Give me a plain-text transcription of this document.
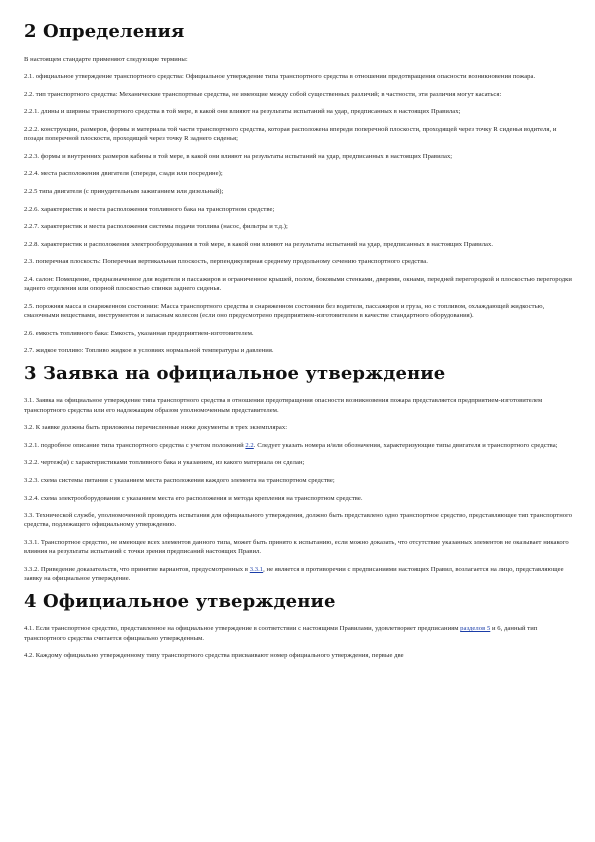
2 Определения
В настоящем стандарте применяют следующие термины:
2.1. официальное утверждение транспортного средства: Официальное утверждение типа транспортного средства в отношении предотвращения опасности возникновения пожара.
2.2. тип транспортного средства: Механические транспортные средства, не имеющие между собой существенных различий; в частности, эти различия могут касаться:
2.2.1. длины и ширины транспортного средства в той мере, в какой они влияют на результаты испытаний на удар, предписанных в настоящих Правилах;
2.2.2. конструкции, размеров, формы и материала той части транспортного средства, которая расположена впереди поперечной плоскости, проходящей через точку R сиденья водителя, и позади поперечной плоскости, проходящей через точку R заднего сиденья;
2.2.3. формы и внутренних размеров кабины в той мере, в какой они влияют на результаты испытаний на удар, предписанных в настоящих Правилах;
2.2.4. места расположения двигателя (спереди, сзади или посредине);
2.2.5 типа двигателя (с принудительным зажиганием или дизельный);
2.2.6. характеристик и места расположения топливного бака на транспортном средстве;
2.2.7. характеристик и места расположения системы подачи топлива (насос, фильтры и т.д.);
2.2.8. характеристик и расположения электрооборудования в той мере, в какой они влияют на результаты испытаний на удар, предписанных в настоящих Правилах.
2.3. поперечная плоскость: Поперечная вертикальная плоскость, перпендикулярная среднему продольному сечению транспортного средства.
2.4. салон: Помещение, предназначенное для водителя и пассажиров и ограниченное крышей, полом, боковыми стенками, дверями, окнами, передней перегородкой и плоскостью перегородки заднего отделения или опорной плоскостью спинки заднего сиденья.
2.5. порожняя масса в снаряженном состоянии: Масса транспортного средства в снаряженном состоянии без водителя, пассажиров и груза, но с топливом, охлаждающей жидкостью, смазочными веществами, инструментом и запасным колесом (если оно предусмотрено предприятием-изготовителем в качестве стандартного оборудования).
2.6. емкость топливного бака: Емкость, указанная предприятием-изготовителем.
2.7. жидкое топливо: Топливо жидкое в условиях нормальной температуры и давления.
3 Заявка на официальное утверждение
3.1. Заявка на официальное утверждение типа транспортного средства в отношении предотвращения опасности возникновения пожара представляется предприятием-изготовителем транспортного средства или его надлежащим образом уполномоченным представителем.
3.2. К заявке должны быть приложены перечисленные ниже документы в трех экземплярах:
3.2.1. подробное описание типа транспортного средства с учетом положений 2.2. Следует указать номера и/или обозначения, характеризующие типы двигателя и транспортного средства;
3.2.2. чертеж(и) с характеристиками топливного бака и указанием, из какого материала он сделан;
3.2.3. схема системы питания с указанием места расположения каждого элемента на транспортном средстве;
3.2.4. схема электрооборудования с указанием места его расположения и метода крепления на транспортном средстве.
3.3. Технической службе, уполномоченной проводить испытания для официального утверждения, должно быть представлено одно транспортное средство, представляющее тип транспортного средства, подлежащего официальному утверждению.
3.3.1. Транспортное средство, не имеющее всех элементов данного типа, может быть принято к испытанию, если можно доказать, что отсутствие указанных элементов не оказывает никакого влияния на результаты испытаний с точки зрения предписаний настоящих Правил.
3.3.2. Приведение доказательств, что принятие вариантов, предусмотренных в 3.3.1, не является в противоречии с предписаниями настоящих Правил, возлагается на лицо, представляющее заявку на официальное утверждение.
4 Официальное утверждение
4.1. Если транспортное средство, представленное на официальное утверждение в соответствии с настоящими Правилами, удовлетворяет предписаниям разделов 5 и 6, данный тип транспортного средства считается официально утвержденным.
4.2. Каждому официально утвержденному типу транспортного средства присваивают номер официального утверждения, первые две
